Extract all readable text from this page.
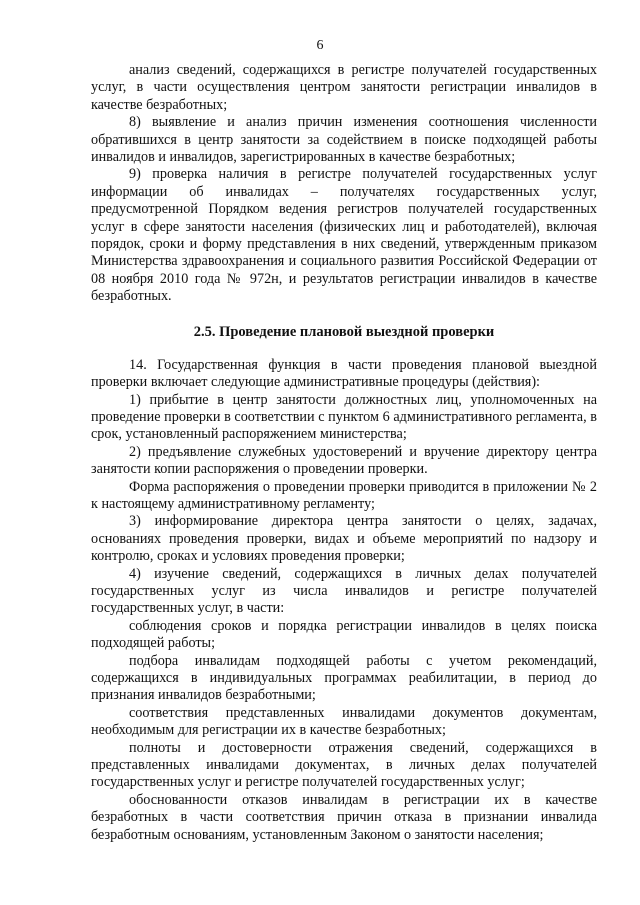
6

анализ сведений, содержащихся в регистре получателей государственных услуг, в части осуществления центром занятости регистрации инвалидов в качестве безработных;

8) выявление и анализ причин изменения соотношения численности обратившихся в центр занятости за содействием в поиске подходящей работы инвалидов и инвалидов, зарегистрированных в качестве безработных;

9) проверка наличия в регистре получателей государственных услуг информации об инвалидах – получателях государственных услуг, предусмотренной Порядком ведения регистров получателей государственных услуг в сфере занятости населения (физических лиц и работодателей), включая порядок, сроки и форму представления в них сведений, утвержденным приказом Министерства здравоохранения и социального развития Российской Федерации от 08 ноября 2010 года № 972н, и результатов регистрации инвалидов в качестве безработных.

2.5. Проведение плановой выездной проверки

14. Государственная функция в части проведения плановой выездной проверки включает следующие административные процедуры (действия):

1) прибытие в центр занятости должностных лиц, уполномоченных на проведение проверки в соответствии с пунктом 6 административного регламента, в срок, установленный распоряжением министерства;

2) предъявление служебных удостоверений и вручение директору центра занятости копии распоряжения о проведении проверки.

Форма распоряжения о проведении проверки приводится в приложении № 2 к настоящему административному регламенту;

3) информирование директора центра занятости о целях, задачах, основаниях проведения проверки, видах и объеме мероприятий по надзору и контролю, сроках и условиях проведения проверки;

4) изучение сведений, содержащихся в личных делах получателей государственных услуг из числа инвалидов и регистре получателей государственных услуг, в части:

соблюдения сроков и порядка регистрации инвалидов в целях поиска подходящей работы;

подбора инвалидам подходящей работы с учетом рекомендаций, содержащихся в индивидуальных программах реабилитации, в период до признания инвалидов безработными;

соответствия представленных инвалидами документов документам, необходимым для регистрации их в качестве безработных;

полноты и достоверности отражения сведений, содержащихся в представленных инвалидами документах, в личных делах получателей государственных услуг и регистре получателей государственных услуг;

обоснованности отказов инвалидам в регистрации их в качестве безработных в части соответствия причин отказа в признании инвалида безработным основаниям, установленным Законом о занятости населения;
